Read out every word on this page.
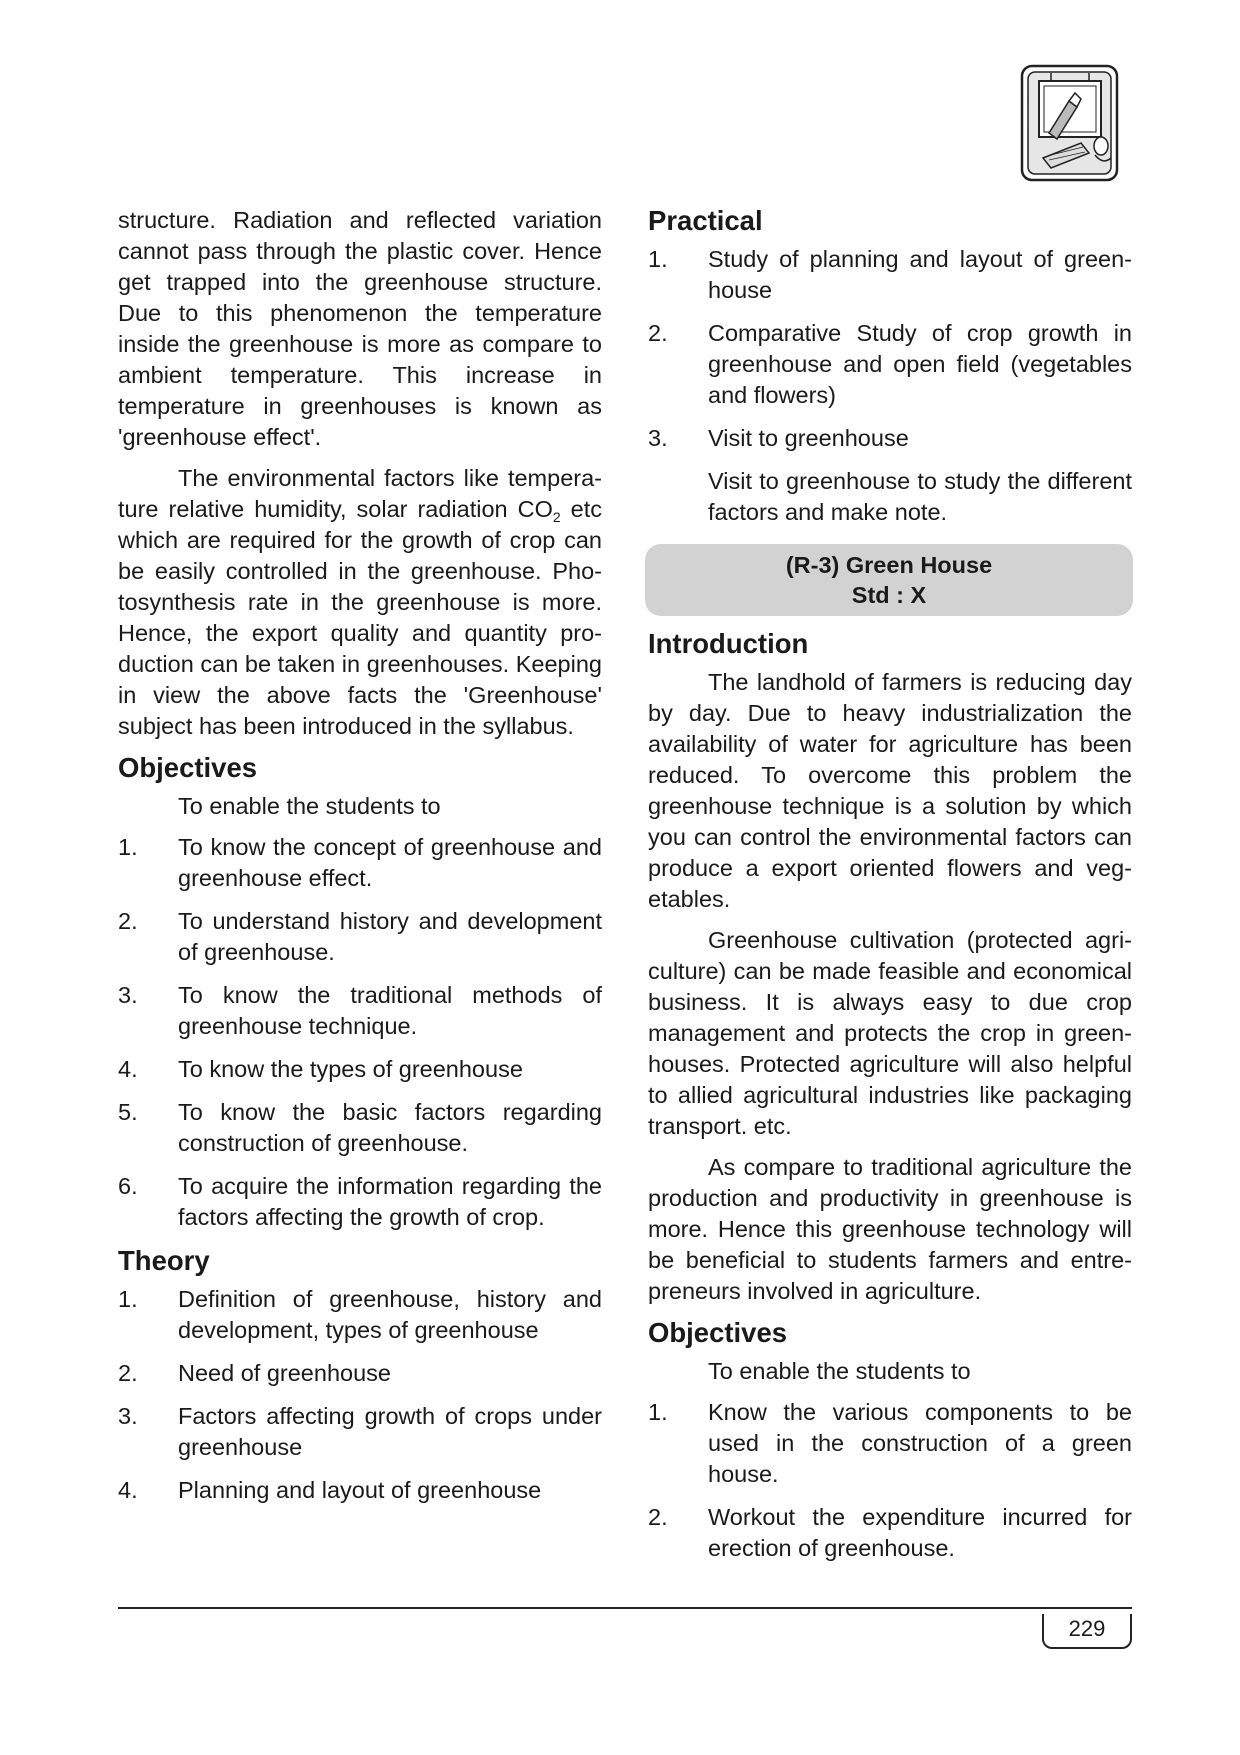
structure. Radiation and reflected variation cannot pass through the plastic cover. Hence get trapped into the greenhouse structure. Due to this phenomenon the temperature inside the greenhouse is more as compare to ambient temperature. This increase in temperature in greenhouses is known as 'greenhouse effect'.

The environmental factors like temperature relative humidity, solar radiation $CO_2$ etc which are required for the growth of crop can be easily controlled in the greenhouse. Photosynthesis rate in the greenhouse is more. Hence, the export quality and quantity production can be taken in greenhouses. Keeping in view the above facts the 'Greenhouse' subject has been introduced in the syllabus.

Objectives

To enable the students to

1. To know the concept of greenhouse and greenhouse effect.
2. To understand history and development of greenhouse.
3. To know the traditional methods of greenhouse technique.
4. To know the types of greenhouse
5. To know the basic factors regarding construction of greenhouse.
6. To acquire the information regarding the factors affecting the growth of crop.
Theory
1. Definition of greenhouse, history and development, types of greenhouse
2. Need of greenhouse
3. Factors affecting growth of crops under greenhouse
4. Planning and layout of greenhouse
Practical
1. Study of planning and layout of greenhouse
2. Comparative Study of crop growth in greenhouse and open field (vegetables and flowers)
3. Visit to greenhouse

Visit to greenhouse to study the different factors and make note.

(R-3) Green House
Std : X
Introduction

The landhold of farmers is reducing day by day. Due to heavy industrialization the availability of water for agriculture has been reduced. To overcome this problem the greenhouse technique is a solution by which you can control the environmental factors can produce a export oriented flowers and vegetables.

Greenhouse cultivation (protected agriculture) can be made feasible and economical business. It is always easy to due crop management and protects the crop in greenhouses. Protected agriculture will also helpful to allied agricultural industries like packaging transport. etc.

As compare to traditional agriculture the production and productivity in greenhouse is more. Hence this greenhouse technology will be beneficial to students farmers and entrepreneurs involved in agriculture.

Objectives

To enable the students to

1. Know the various components to be used in the construction of a green house.
2. Workout the expenditure incurred for erection of greenhouse.
229
